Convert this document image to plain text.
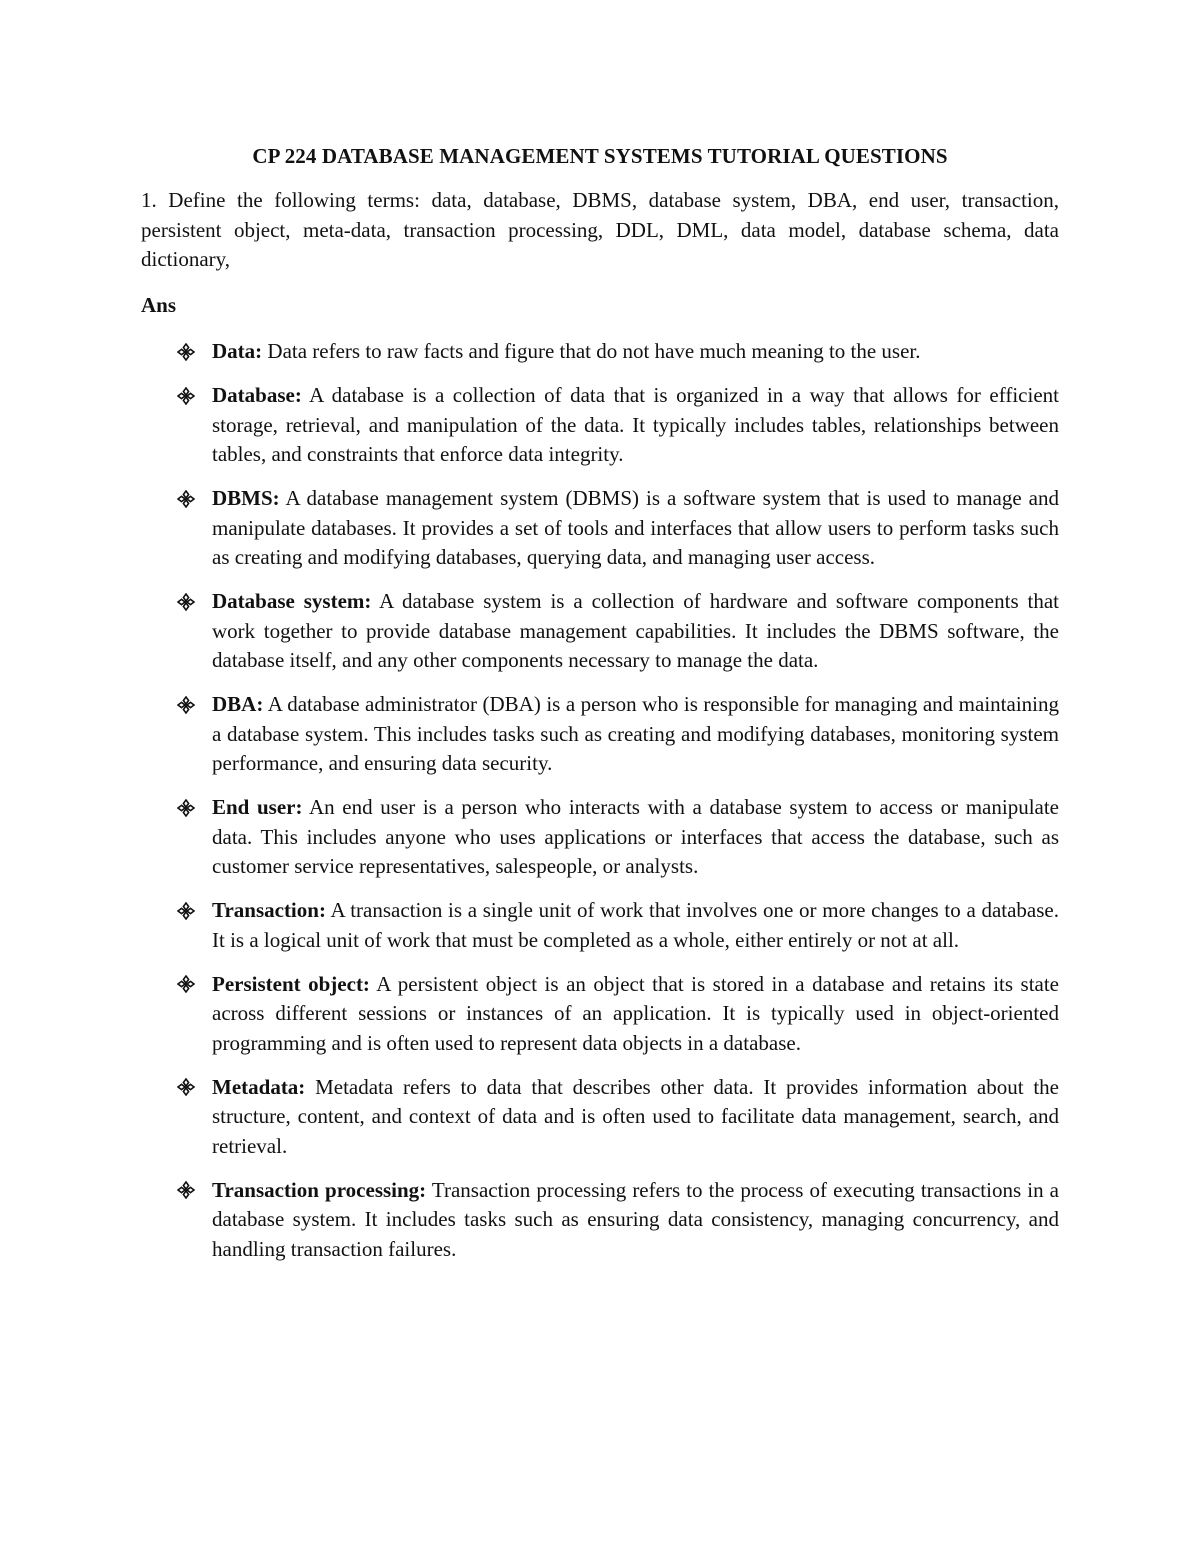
CP 224 DATABASE MANAGEMENT SYSTEMS TUTORIAL QUESTIONS
1. Define the following terms: data, database, DBMS, database system, DBA, end user, transaction, persistent object, meta-data, transaction processing, DDL, DML, data model, database schema, data dictionary,
Ans
Data: Data refers to raw facts and figure that do not have much meaning to the user.
Database: A database is a collection of data that is organized in a way that allows for efficient storage, retrieval, and manipulation of the data. It typically includes tables, relationships between tables, and constraints that enforce data integrity.
DBMS: A database management system (DBMS) is a software system that is used to manage and manipulate databases. It provides a set of tools and interfaces that allow users to perform tasks such as creating and modifying databases, querying data, and managing user access.
Database system: A database system is a collection of hardware and software components that work together to provide database management capabilities. It includes the DBMS software, the database itself, and any other components necessary to manage the data.
DBA: A database administrator (DBA) is a person who is responsible for managing and maintaining a database system. This includes tasks such as creating and modifying databases, monitoring system performance, and ensuring data security.
End user: An end user is a person who interacts with a database system to access or manipulate data. This includes anyone who uses applications or interfaces that access the database, such as customer service representatives, salespeople, or analysts.
Transaction: A transaction is a single unit of work that involves one or more changes to a database. It is a logical unit of work that must be completed as a whole, either entirely or not at all.
Persistent object: A persistent object is an object that is stored in a database and retains its state across different sessions or instances of an application. It is typically used in object-oriented programming and is often used to represent data objects in a database.
Metadata: Metadata refers to data that describes other data. It provides information about the structure, content, and context of data and is often used to facilitate data management, search, and retrieval.
Transaction processing: Transaction processing refers to the process of executing transactions in a database system. It includes tasks such as ensuring data consistency, managing concurrency, and handling transaction failures.
